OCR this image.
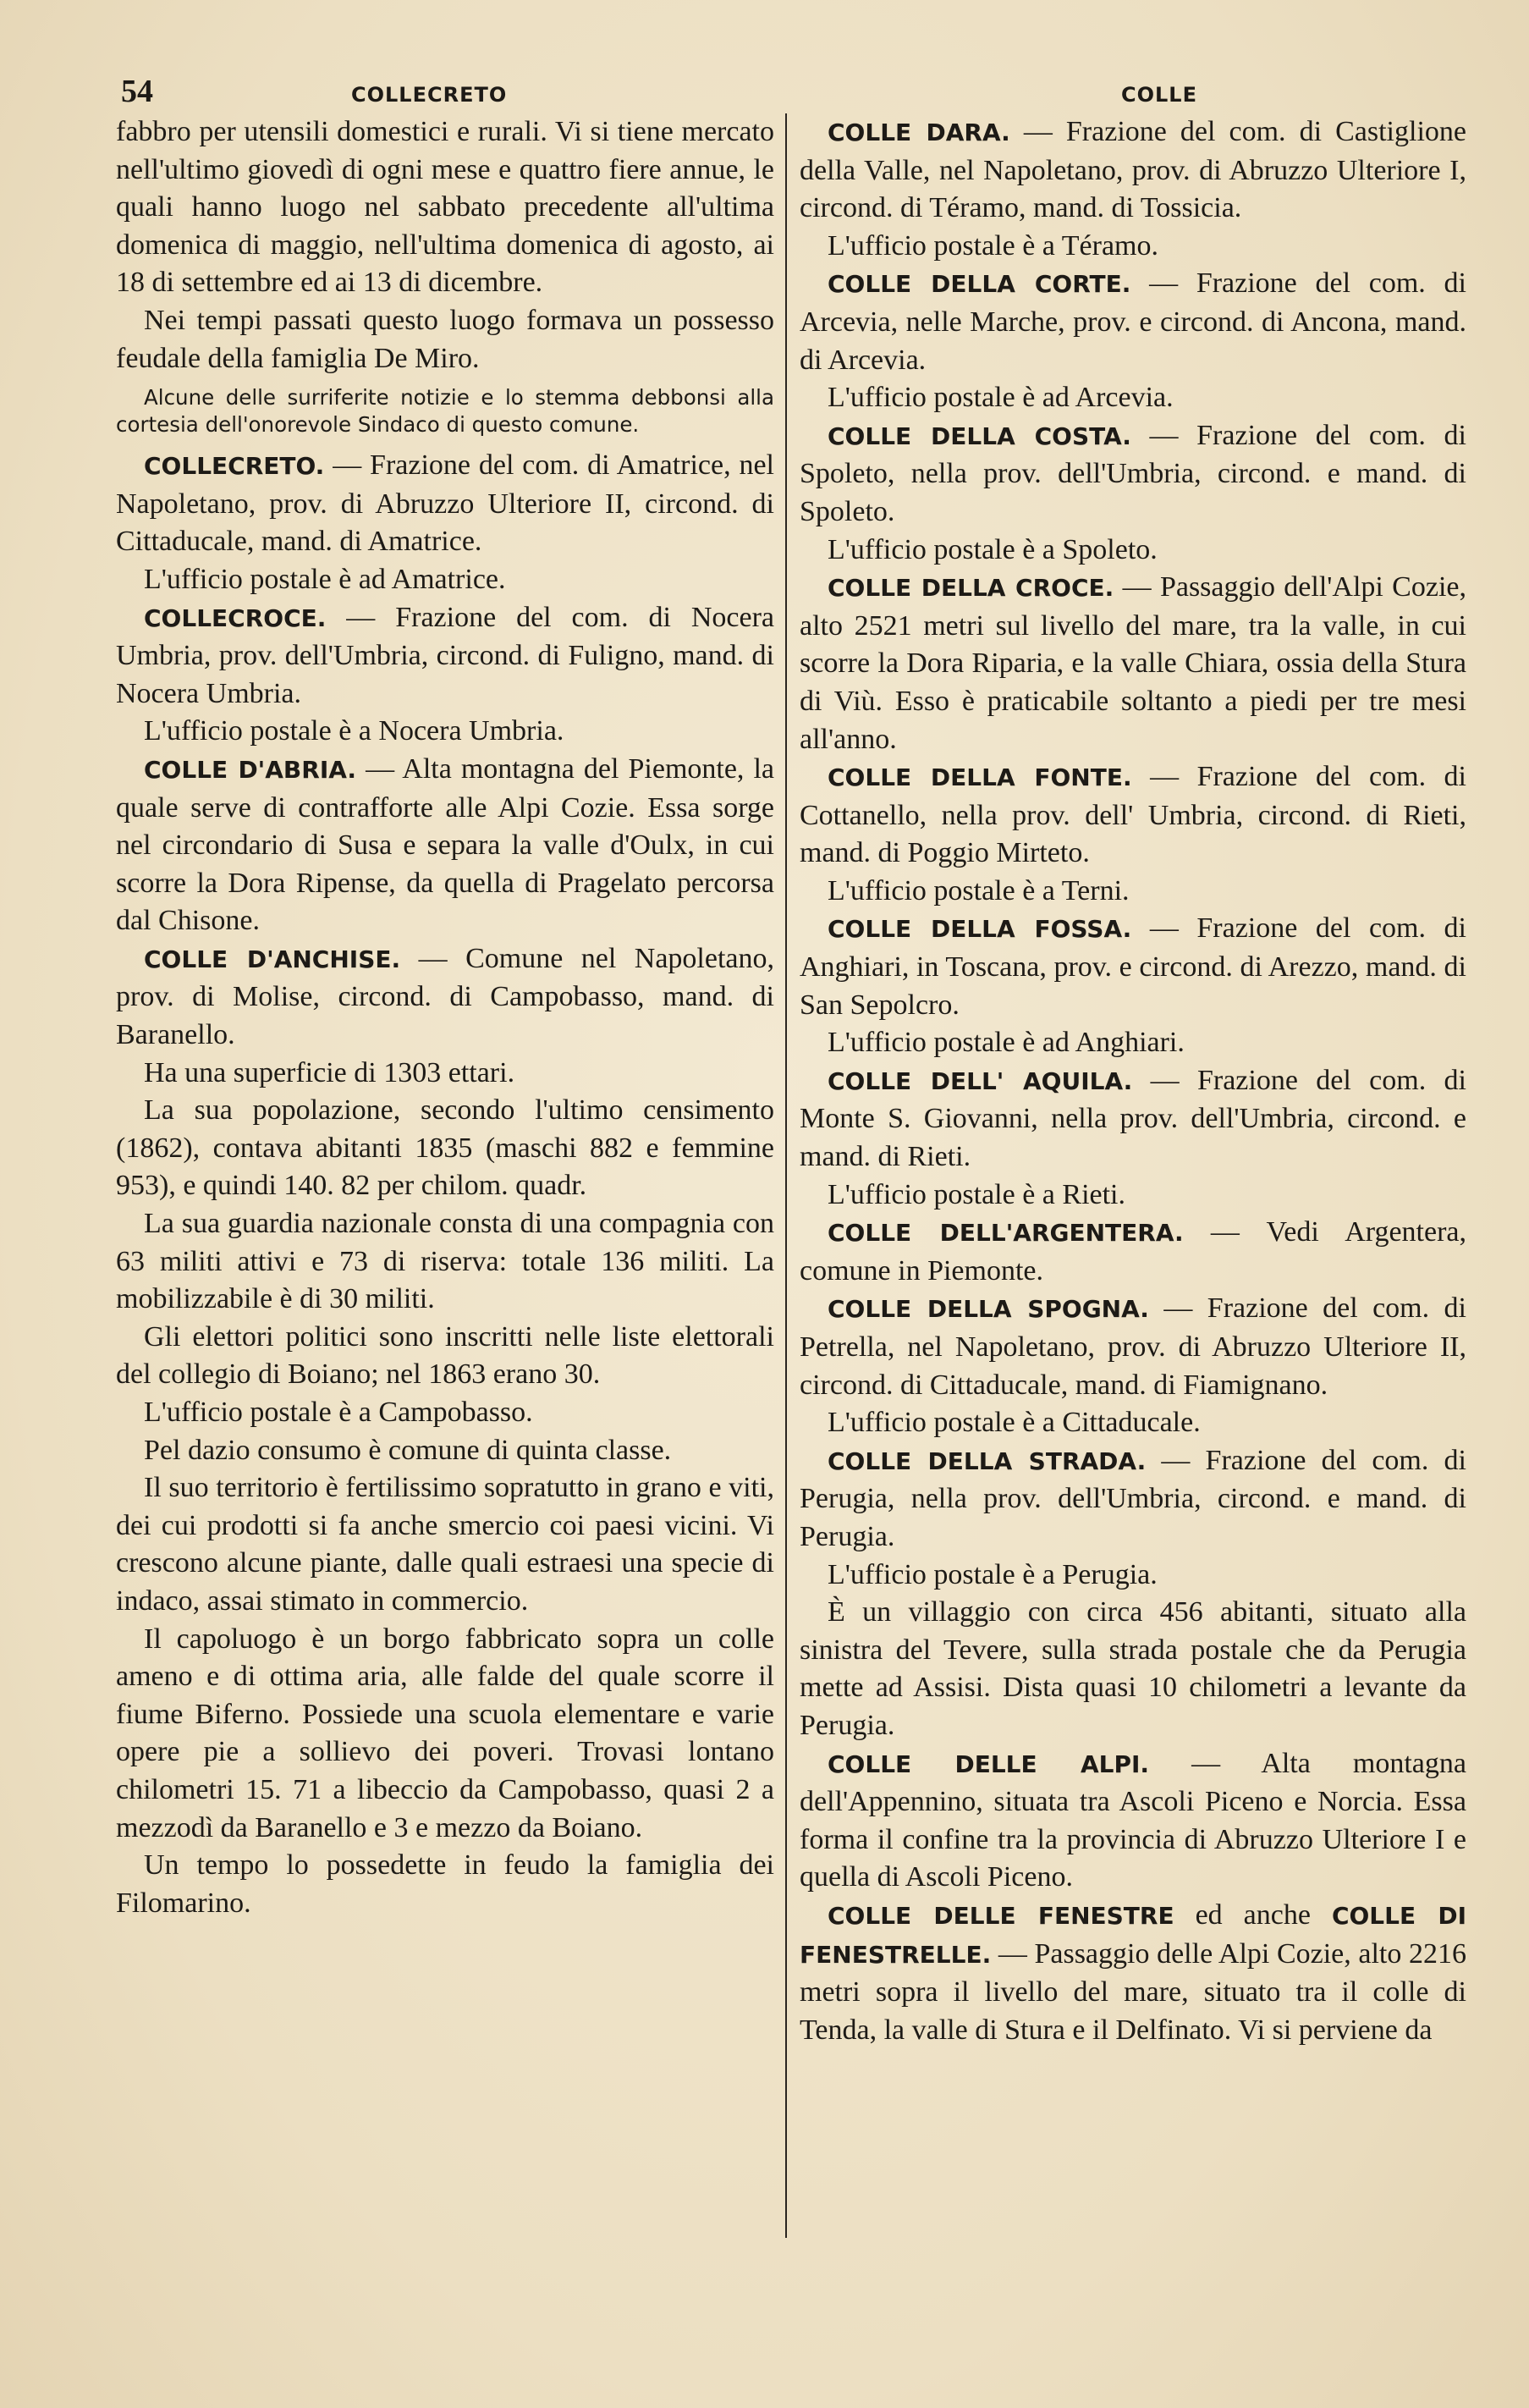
54	COLLECRETO	COLLE

fabbro per utensili domestici e rurali. Vi si tiene mercato nell'ultimo giovedì di ogni mese e quattro fiere annue, le quali hanno luogo nel sabbato precedente all'ultima domenica di maggio, nell'ultima domenica di agosto, ai 18 di settembre ed ai 13 di dicembre.

Nei tempi passati questo luogo formava un possesso feudale della famiglia De Miro.

Alcune delle surriferite notizie e lo stemma debbonsi alla cortesia dell'onorevole Sindaco di questo comune.

COLLECRETO. — Frazione del com. di Amatrice, nel Napoletano, prov. di Abruzzo Ulteriore II, circond. di Cittaducale, mand. di Amatrice.

L'ufficio postale è ad Amatrice.

COLLECROCE. — Frazione del com. di Nocera Umbria, prov. dell'Umbria, circond. di Fuligno, mand. di Nocera Umbria.

L'ufficio postale è a Nocera Umbria.

COLLE D'ABRIA. — Alta montagna del Piemonte, la quale serve di contrafforte alle Alpi Cozie. Essa sorge nel circondario di Susa e separa la valle d'Oulx, in cui scorre la Dora Ripense, da quella di Pragelato percorsa dal Chisone.

COLLE D'ANCHISE. — Comune nel Napoletano, prov. di Molise, circond. di Campobasso, mand. di Baranello.

Ha una superficie di 1303 ettari.

La sua popolazione, secondo l'ultimo censimento (1862), contava abitanti 1835 (maschi 882 e femmine 953), e quindi 140. 82 per chilom. quadr.

La sua guardia nazionale consta di una compagnia con 63 militi attivi e 73 di riserva: totale 136 militi. La mobilizzabile è di 30 militi.

Gli elettori politici sono inscritti nelle liste elettorali del collegio di Boiano; nel 1863 erano 30.

L'ufficio postale è a Campobasso.

Pel dazio consumo è comune di quinta classe.

Il suo territorio è fertilissimo sopratutto in grano e viti, dei cui prodotti si fa anche smercio coi paesi vicini. Vi crescono alcune piante, dalle quali estraesi una specie di indaco, assai stimato in commercio.

Il capoluogo è un borgo fabbricato sopra un colle ameno e di ottima aria, alle falde del quale scorre il fiume Biferno. Possiede una scuola elementare e varie opere pie a sollievo dei poveri. Trovasi lontano chilometri 15. 71 a libeccio da Campobasso, quasi 2 a mezzodì da Baranello e 3 e mezzo da Boiano.

Un tempo lo possedette in feudo la famiglia dei Filomarino.

COLLE DARA. — Frazione del com. di Castiglione della Valle, nel Napoletano, prov. di Abruzzo Ulteriore I, circond. di Téramo, mand. di Tossicia.

L'ufficio postale è a Téramo.

COLLE DELLA CORTE. — Frazione del com. di Arcevia, nelle Marche, prov. e circond. di Ancona, mand. di Arcevia.

L'ufficio postale è ad Arcevia.

COLLE DELLA COSTA. — Frazione del com. di Spoleto, nella prov. dell'Umbria, circond. e mand. di Spoleto.

L'ufficio postale è a Spoleto.

COLLE DELLA CROCE. — Passaggio dell'Alpi Cozie, alto 2521 metri sul livello del mare, tra la valle, in cui scorre la Dora Riparia, e la valle Chiara, ossia della Stura di Viù. Esso è praticabile soltanto a piedi per tre mesi all'anno.

COLLE DELLA FONTE. — Frazione del com. di Cottanello, nella prov. dell' Umbria, circond. di Rieti, mand. di Poggio Mirteto.

L'ufficio postale è a Terni.

COLLE DELLA FOSSA. — Frazione del com. di Anghiari, in Toscana, prov. e circond. di Arezzo, mand. di San Sepolcro.

L'ufficio postale è ad Anghiari.

COLLE DELL' AQUILA. — Frazione del com. di Monte S. Giovanni, nella prov. dell'Umbria, circond. e mand. di Rieti.

L'ufficio postale è a Rieti.

COLLE DELL'ARGENTERA. — Vedi Argentera, comune in Piemonte.

COLLE DELLA SPOGNA. — Frazione del com. di Petrella, nel Napoletano, prov. di Abruzzo Ulteriore II, circond. di Cittaducale, mand. di Fiamignano.

L'ufficio postale è a Cittaducale.

COLLE DELLA STRADA. — Frazione del com. di Perugia, nella prov. dell'Umbria, circond. e mand. di Perugia.

L'ufficio postale è a Perugia.

È un villaggio con circa 456 abitanti, situato alla sinistra del Tevere, sulla strada postale che da Perugia mette ad Assisi. Dista quasi 10 chilometri a levante da Perugia.

COLLE DELLE ALPI. — Alta montagna dell'Appennino, situata tra Ascoli Piceno e Norcia. Essa forma il confine tra la provincia di Abruzzo Ulteriore I e quella di Ascoli Piceno.

COLLE DELLE FENESTRE ed anche COLLE DI FENESTRELLE. — Passaggio delle Alpi Cozie, alto 2216 metri sopra il livello del mare, situato tra il colle di Tenda, la valle di Stura e il Delfinato. Vi si perviene da
